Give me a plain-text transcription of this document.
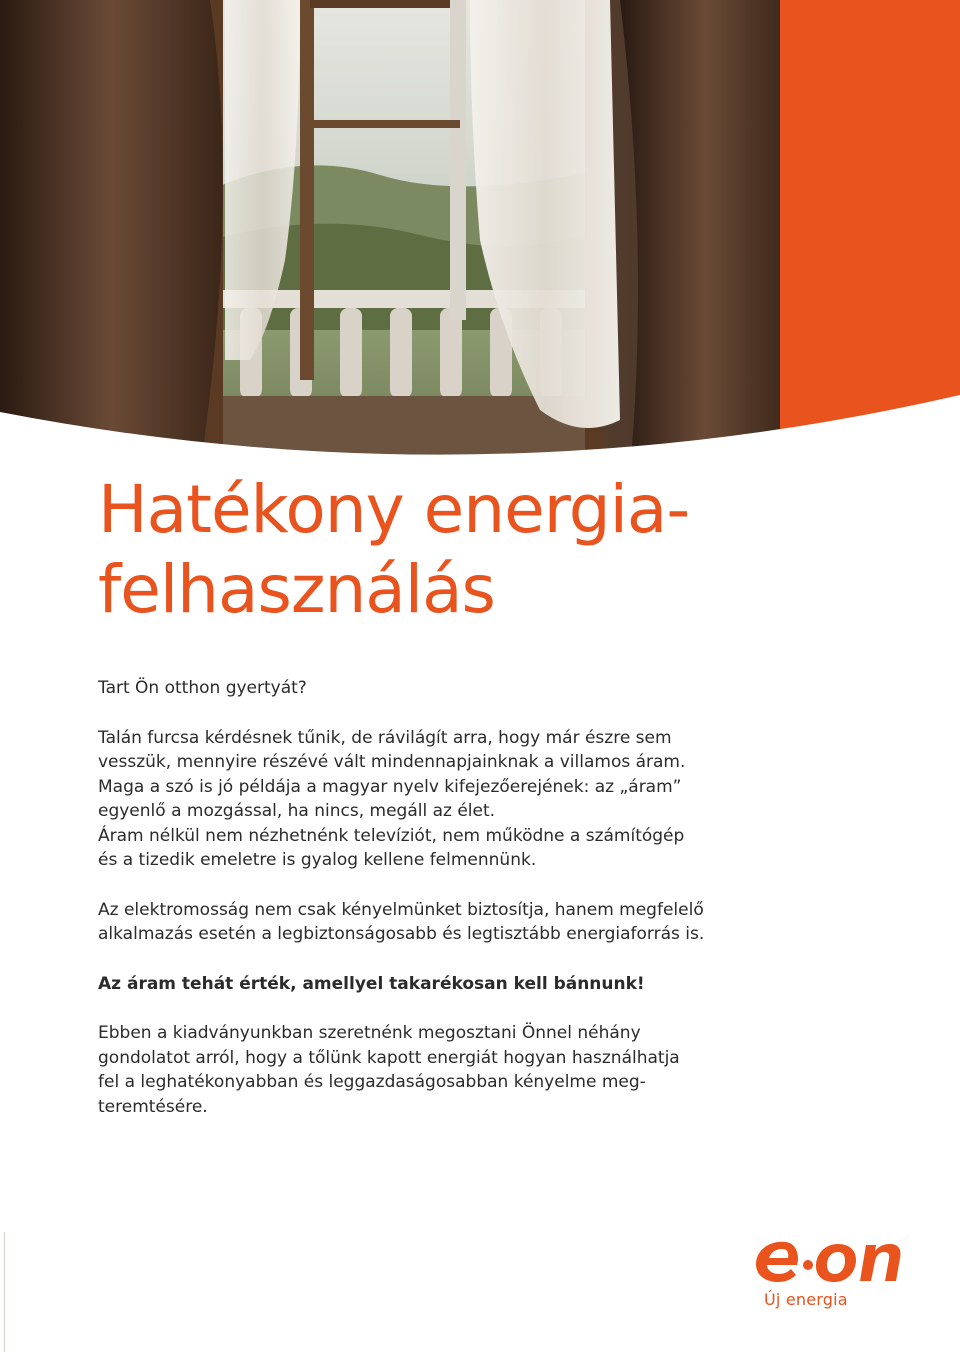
Hatékony energia-
felhasználás

Tart Ön otthon gyertyát?

Talán furcsa kérdésnek tűnik, de rávilágít arra, hogy már észre sem

vesszük, mennyire részévé vált mindennapjainknak a villamos áram.

Maga a szó is jó példája a magyar nyelv kifejezőerejének: az „áram”

egyenlő a mozgással, ha nincs, megáll az élet.

Áram nélkül nem nézhetnénk televíziót, nem működne a számítógép

és a tizedik emeletre is gyalog kellene felmennünk.

Az elektromosság nem csak kényelmünket biztosítja, hanem megfelelő

alkalmazás esetén a legbiztonságosabb és legtisztább energiaforrás is.

Az áram tehát érték, amellyel takarékosan kell bánnunk!

Ebben a kiadványunkban szeretnénk megosztani Önnel néhány

gondolatot arról, hogy a tőlünk kapott energiát hogyan használhatja

fel a leghatékonyabban és leggazdaságosabban kényelme meg-

teremtésére.

Új energia
